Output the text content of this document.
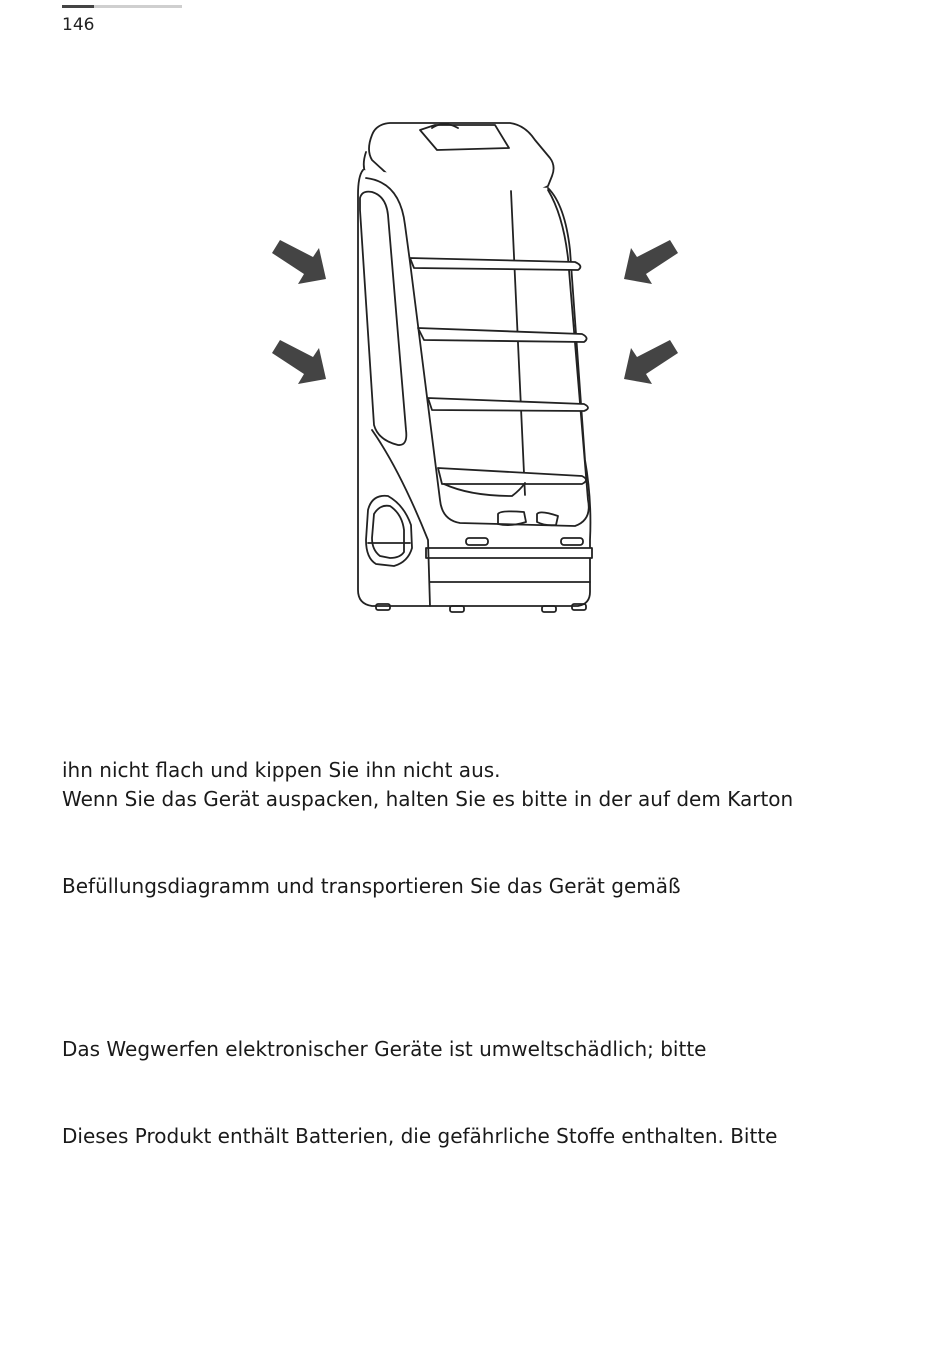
146
ihn nicht flach und kippen Sie ihn nicht aus.
Wenn Sie das Gerät auspacken, halten Sie es bitte in der auf dem Karton
Befüllungsdiagramm und transportieren Sie das Gerät gemäß
Das Wegwerfen elektronischer Geräte ist umweltschädlich; bitte
Dieses Produkt enthält Batterien, die gefährliche Stoffe enthalten. Bitte
